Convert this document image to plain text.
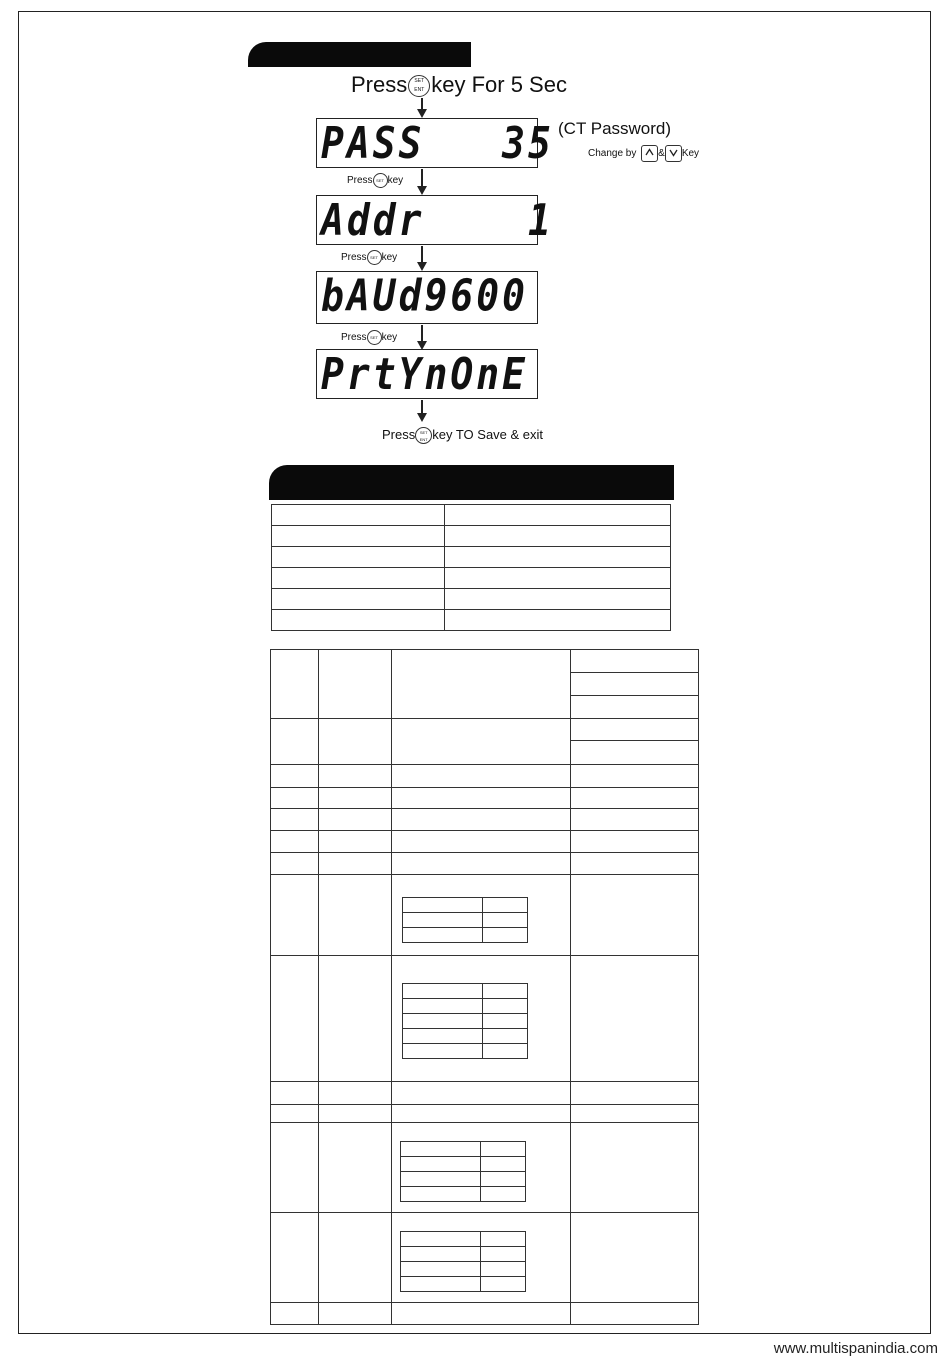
Press	SET
ENT key For 5 Sec
PASS   35 (CT Password)
Change by & Key
Press SET key
Addr    1
Press SET key
bAUd9600
Press SET key
PrtYnOnE
Press	SET
ENT key TO Save & exit

www.multispanindia.com
